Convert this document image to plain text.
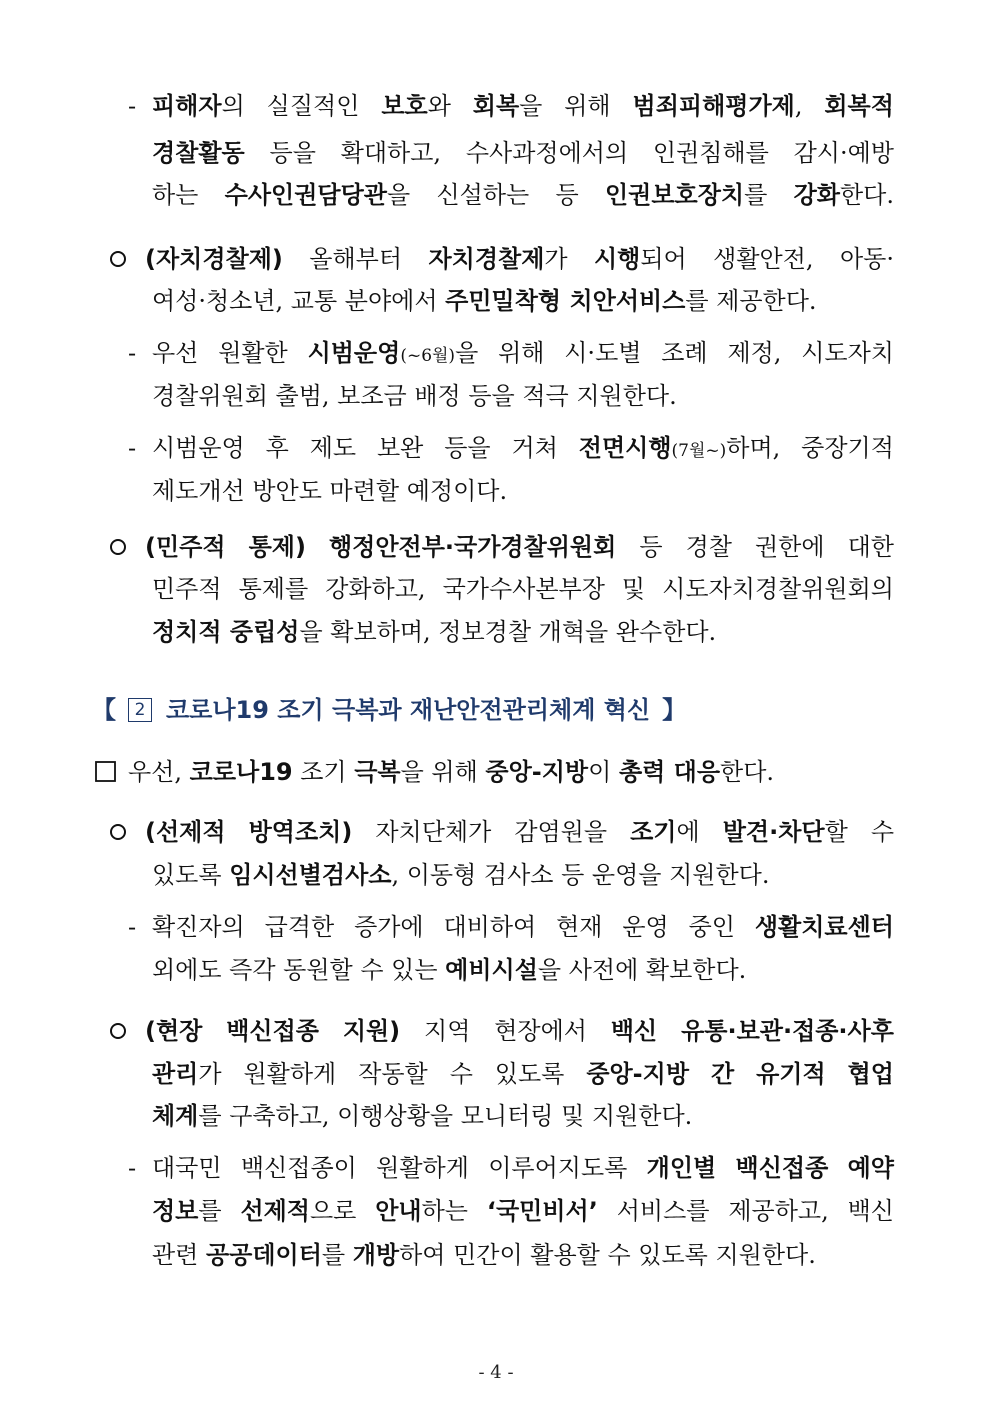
- 피해자의 실질적인 보호와 회복을 위해 범죄피해평가제, 회복적
경찰활동 등을 확대하고, 수사과정에서의 인권침해를 감시·예방
하는 수사인권담당관을 신설하는 등 인권보호장치를 강화한다.
(자치경찰제) 올해부터 자치경찰제가 시행되어 생활안전, 아동·
여성·청소년, 교통 분야에서 주민밀착형 치안서비스를 제공한다.
- 우선 원활한 시범운영(~6월)을 위해 시·도별 조례 제정, 시도자치
경찰위원회 출범, 보조금 배정 등을 적극 지원한다.
- 시범운영 후 제도 보완 등을 거쳐 전면시행(7월~)하며, 중장기적
제도개선 방안도 마련할 예정이다.
(민주적 통제) 행정안전부·국가경찰위원회 등 경찰 권한에 대한
민주적 통제를 강화하고, 국가수사본부장 및 시도자치경찰위원회의
정치적 중립성을 확보하며, 정보경찰 개혁을 완수한다.
【	2 코로나19 조기 극복과 재난안전관리체계 혁신 】
우선, 코로나19 조기 극복을 위해 중앙-지방이 총력 대응한다.
(선제적 방역조치) 자치단체가 감염원을 조기에 발견·차단할 수
있도록 임시선별검사소, 이동형 검사소 등 운영을 지원한다.
- 확진자의 급격한 증가에 대비하여 현재 운영 중인 생활치료센터
외에도 즉각 동원할 수 있는 예비시설을 사전에 확보한다.
(현장 백신접종 지원) 지역 현장에서 백신 유통·보관·접종·사후
관리가 원활하게 작동할 수 있도록 중앙-지방 간 유기적 협업
체계를 구축하고, 이행상황을 모니터링 및 지원한다.
- 대국민 백신접종이 원활하게 이루어지도록 개인별 백신접종 예약
정보를 선제적으로 안내하는 ‘국민비서’ 서비스를 제공하고, 백신
관련 공공데이터를 개방하여 민간이 활용할 수 있도록 지원한다.
- 4 -
